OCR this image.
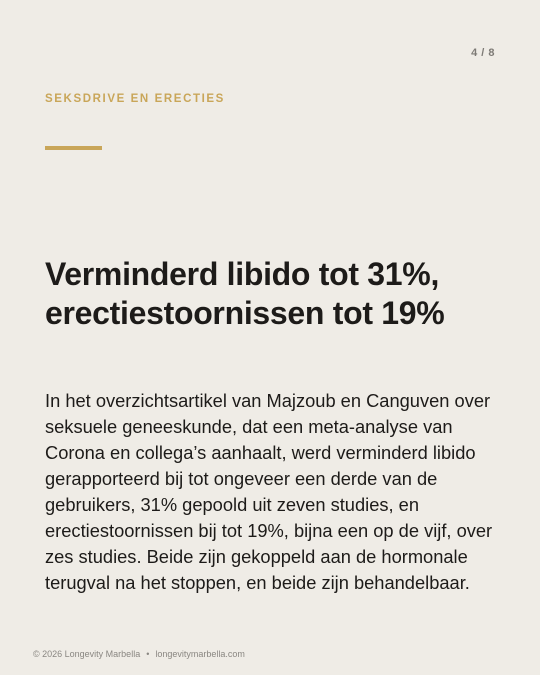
4 / 8
SEKSDRIVE EN ERECTIES
Verminderd libido tot 31%, erectiestoornissen tot 19%

In het overzichtsartikel van Majzoub en Canguven over seksuele geneeskunde, dat een meta-analyse van Corona en collega’s aanhaalt, werd verminderd libido gerapporteerd bij tot ongeveer een derde van de gebruikers, 31% gepoold uit zeven studies, en erectiestoornissen bij tot 19%, bijna een op de vijf, over zes studies. Beide zijn gekoppeld aan de hormonale terugval na het stoppen, en beide zijn behandelbaar.

© 2026 Longevity Marbella • longevitymarbella.com
